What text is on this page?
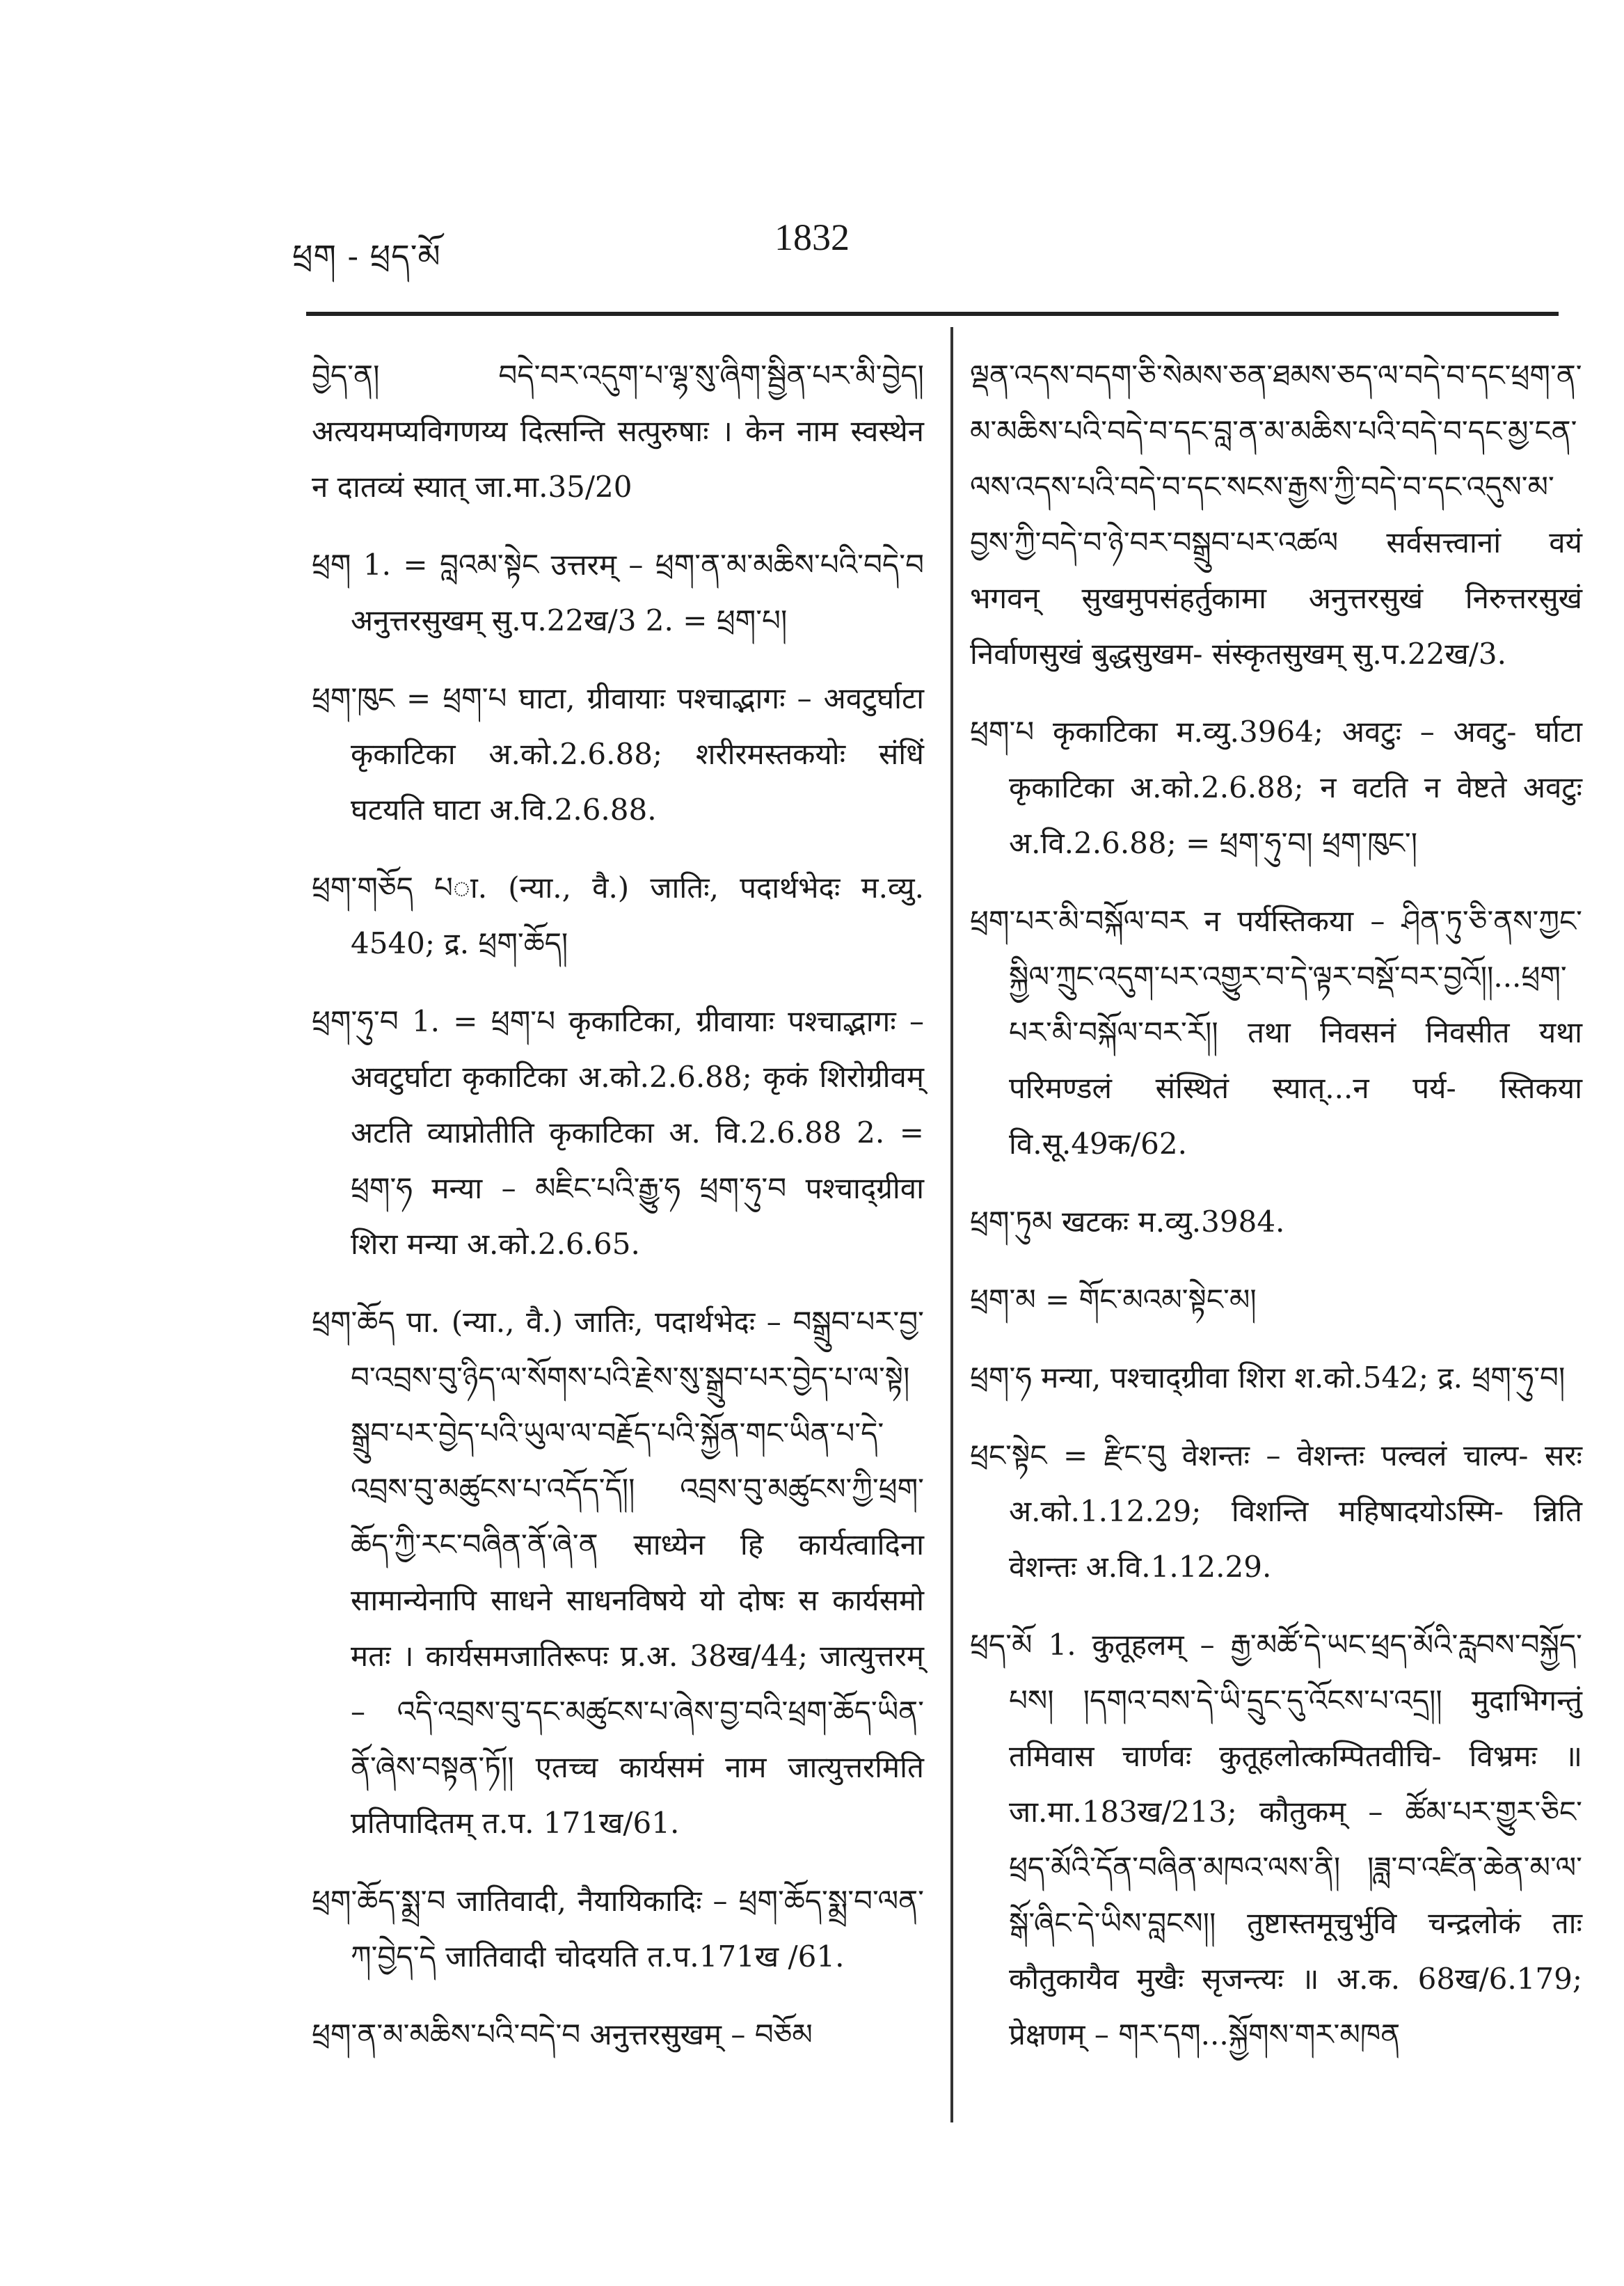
ཕྲག - ཕྲད་མོ	1832

བྱེད་ན། བདེ་བར་འདུག་པ་ལྷ་སུ་ཞིག་སྦྱིན་པར་མི་བྱེད། अत्ययमप्यविगणय्य दित्सन्ति सत्पुरुषाः । केन नाम स्वस्थेन न दातव्यं स्यात् जा.मा.35/20

ཕྲག 1. = བླའམ་སྟེང उत्तरम् – ཕྲག་ན་མ་མཆིས་པའི་བདེ་བ अनुत्तरसुखम् सु.प.22ख/3 2. = ཕྲག་པ།

ཕྲག་ཁུང = ཕྲག་པ घाटा, ग्रीवायाः पश्चाद्भागः – अवटुर्घाटा कृकाटिका अ.को.2.6.88; शरीरमस्तकयोः संधिं घटयति घाटा अ.वि.2.6.88.

ཕྲག་གཅོད པा. (न्या., वै.) जातिः, पदार्थभेदः म.व्यु. 4540; द्र. ཕྲག་ཆོད།

ཕྲག་ཧུ་བ 1. = ཕྲག་པ कृकाटिका, ग्रीवायाः पश्चाद्भागः – अवटुर्घाटा कृकाटिका अ.को.2.6.88; कृकं शिरोग्रीवम् अटति व्याप्नोतीति कृकाटिका अ. वि.2.6.88 2. = ཕྲག་ཧ मन्या – མཇིང་པའི་རྒྱུ་ཧ ཕྲག་ཧུ་བ पश्चाद्ग्रीवा शिरा मन्या अ.को.2.6.65.

ཕྲག་ཆོད पा. (न्या., वै.) जातिः, पदार्थभेदः – བསྒྲུབ་པར་བྱ་བ་འབྲས་བུ་ཉིད་ལ་སོགས་པའི་རྗེས་སུ་སྒྲུབ་པར་བྱེད་པ་ལ་སྟེ། སྒྲུབ་པར་བྱེད་པའི་ཡུལ་ལ་བརྗོད་པའི་སྐྱོན་གང་ཡིན་པ་དེ་འབྲས་བུ་མཚུངས་པ་འདོད་དོ།། འབྲས་བུ་མཚུངས་ཀྱི་ཕྲག་ཆོད་ཀྱི་རང་བཞིན་ནོ་ཞེ་ན साध्येन हि कार्यत्वादिना सामान्येनापि साधने साधनविषये यो दोषः स कार्यसमो मतः । कार्यसमजातिरूपः प्र.अ. 38ख/44; जात्युत्तरम् – འདི་འབྲས་བུ་དང་མཚུངས་པ་ཞེས་བྱ་བའི་ཕྲག་ཆོད་ཡིན་ནོ་ཞེས་བསྟན་ཏོ།། एतच्च कार्यसमं नाम जात्युत्तरमिति प्रतिपादितम् त.प. 171ख/61.

ཕྲག་ཆོད་སྨྲ་བ जातिवादी, नैयायिकादिः – ཕྲག་ཆོད་སྨྲ་བ་ལན་ཀ་བྱེད་དེ जातिवादी चोदयति त.प.171ख /61.

ཕྲག་ན་མ་མཆིས་པའི་བདེ་བ अनुत्तरसुखम् – བཅོམ

ལྡན་འདས་བདག་ཅི་སེམས་ཅན་ཐམས་ཅད་ལ་བདེ་བ་དང་ཕྲག་ན་མ་མཆིས་པའི་བདེ་བ་དང་བླ་ན་མ་མཆིས་པའི་བདེ་བ་དང་མྱ་ངན་ལས་འདས་པའི་བདེ་བ་དང་སངས་རྒྱས་ཀྱི་བདེ་བ་དང་འདུས་མ་བྱས་ཀྱི་བདེ་བ་ཉེ་བར་བསྒྲུབ་པར་འཚལ सर्वसत्त्वानां वयं भगवन् सुखमुपसंहर्तुकामा अनुत्तरसुखं निरुत्तरसुखं निर्वाणसुखं बुद्धसुखम- संस्कृतसुखम् सु.प.22ख/3.

ཕྲག་པ कृकाटिका म.व्यु.3964; अवटुः – अवटु- र्घाटा कृकाटिका अ.को.2.6.88; न वटति न वेष्टते अवटुः अ.वि.2.6.88; = ཕྲག་ཧུ་བ། ཕྲག་ཁུང་།

ཕྲག་པར་མི་བསྐོལ་བར न पर्यस्तिकया – ཤིན་ཏུ་ཅི་ནས་ཀྱང་སྐྱིལ་ཀྲུང་འདུག་པར་འགྱུར་བ་དེ་ལྟར་བསྡོ་བར་བྱའོ།།...ཕྲག་པར་མི་བསྐོལ་བར་རོ།། तथा निवसनं निवसीत यथा परिमण्डलं संस्थितं स्यात्...न पर्य- स्तिकया वि.सू.49क/62.

ཕྲག་ཏུམ खटकः म.व्यु.3984.

ཕྲག་མ = གོང་མའམ་སྟེང་མ།

ཕྲག་ཧ मन्या, पश्चाद्ग्रीवा शिरा श.को.542; द्र. ཕྲག་ཧུ་བ།

ཕྲང་སྟེང = རྫིང་བུ वेशन्तः – वेशन्तः पल्वलं चाल्प- सरः अ.को.1.12.29; विशन्ति महिषादयोऽस्मि- न्निति वेशन्तः अ.वि.1.12.29.

ཕྲད་མོ 1. कुतूहलम् – རྒྱ་མཚོ་དེ་ཡང་ཕྲད་མོའི་རླབས་བསྐྱོད་པས། །དགའ་བས་དེ་ཡི་དྲུང་དུ་འོངས་པ་འདྲ།། मुदाभिगन्तुं तमिवास चार्णवः कुतूहलोत्कम्पितवीचि- विभ्रमः ॥ जा.मा.183ख/213; कौतुकम् – ཚོམ་པར་གྱུར་ཅིང་ཕྲད་མོའི་དོན་བཞིན་མཁའ་ལས་ནི། །ཟླ་བ་འཛིན་ཆེན་མ་ལ་སྒོ་ཞིང་དེ་ཡིས་བླངས།། तुष्टास्तमूचुर्भुवि चन्द्रलोकं ताः कौतुकायैव मुखैः सृजन्त्यः ॥ अ.क. 68ख/6.179; प्रेक्षणम् – གར་དག...སྐྱོགས་གར་མཁན
